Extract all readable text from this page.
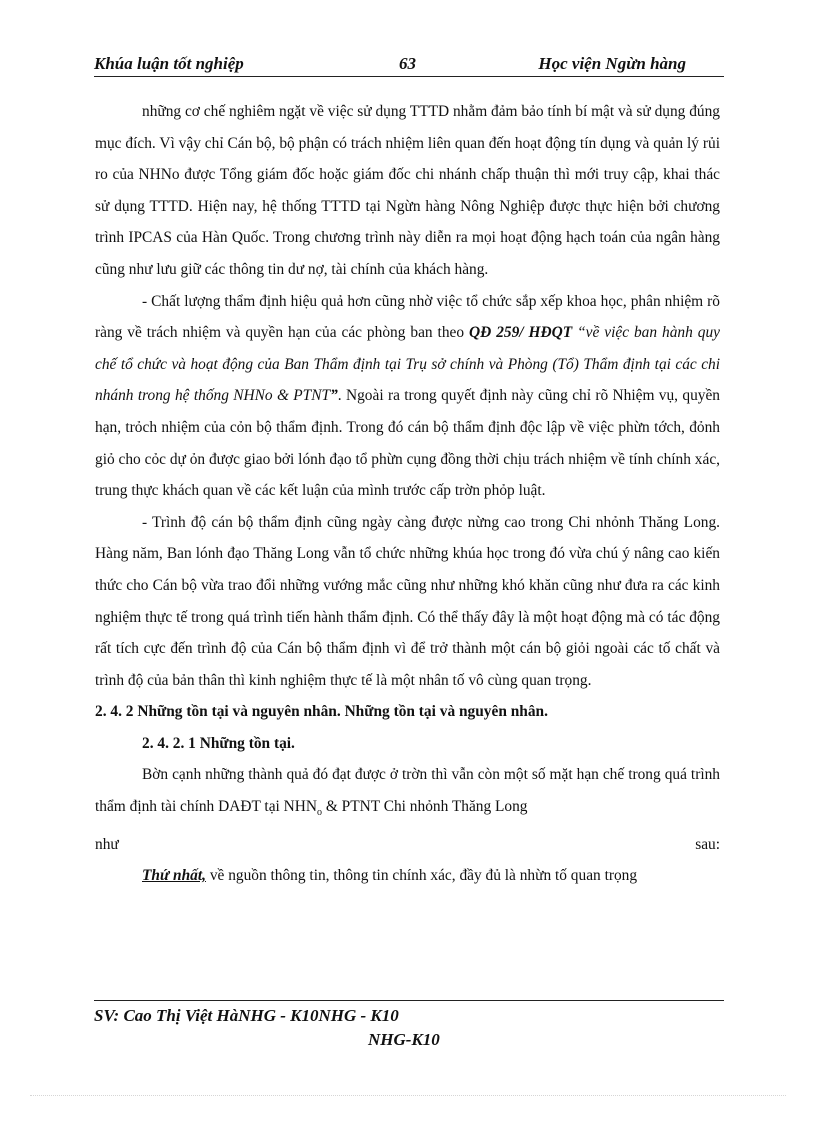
Khúa luận tốt nghiệp	63	Học viện Ngừn hàng

những cơ chế nghiêm ngặt về việc sử dụng TTTD nhằm đảm bảo tính bí mật và sử dụng đúng mục đích. Vì vậy chỉ Cán bộ, bộ phận có trách nhiệm liên quan đến hoạt động tín dụng và quản lý rủi ro của NHNo được Tổng giám đốc hoặc giám đốc chi nhánh chấp thuận thì mới truy cập, khai thác sử dụng TTTD. Hiện nay, hệ thống TTTD tại Ngừn hàng Nông Nghiệp được thực hiện bởi chương trình IPCAS của Hàn Quốc. Trong chương trình này diễn ra mọi hoạt động hạch toán của ngân hàng cũng như lưu giữ các thông tin dư nợ, tài chính của khách hàng.

- Chất lượng thẩm định hiệu quả hơn cũng nhờ việc tổ chức sắp xếp khoa học, phân nhiệm rõ ràng về trách nhiệm và quyền hạn của các phòng ban theo QĐ 259/ HĐQT “về việc ban hành quy chế tổ chức và hoạt động của Ban Thẩm định tại Trụ sở chính và Phòng (Tổ) Thẩm định tại các chi nhánh trong hệ thống NHNo & PTNT”. Ngoài ra trong quyết định này cũng chỉ rõ Nhiệm vụ, quyền hạn, trỏch nhiệm của cỏn bộ thẩm định. Trong đó cán bộ thẩm định độc lập về việc phừn tớch, đỏnh giỏ cho cỏc dự ỏn được giao bởi lónh đạo tổ phừn cụng đồng thời chịu trách nhiệm về tính chính xác, trung thực khách quan về các kết luận của mình trước cấp trờn phỏp luật.

- Trình độ cán bộ thẩm định cũng ngày càng được nừng cao trong Chi nhỏnh Thăng Long. Hàng năm, Ban lónh đạo Thăng Long vẫn tổ chức những khúa học trong đó vừa chú ý nâng cao kiến thức cho Cán bộ vừa trao đổi những vướng mắc cũng như những khó khăn cũng như đưa ra các kinh nghiệm thực tế trong quá trình tiến hành thẩm định. Có thể thấy đây là một hoạt động mà có tác động rất tích cực đến trình độ của Cán bộ thẩm định vì để trở thành một cán bộ giỏi ngoài các tố chất và trình độ của bản thân thì kinh nghiệm thực tế là một nhân tố vô cùng quan trọng.

2. 4. 2 Những tồn tại và nguyên nhân. Những tồn tại và nguyên nhân.

2. 4. 2. 1 Những tồn tại.

Bờn cạnh những thành quả đó đạt được ở trờn thì vẫn còn một số mặt hạn chế trong quá trình thẩm định tài chính DAĐT tại $NHN_o$ & PTNT Chi nhỏnh Thăng Long

như sau:

Thứ nhất, về nguồn thông tin, thông tin chính xác, đầy đủ là nhừn tố quan trọng

SV: Cao Thị Việt HàNHG - K10NHG - K10
NHG-K10
